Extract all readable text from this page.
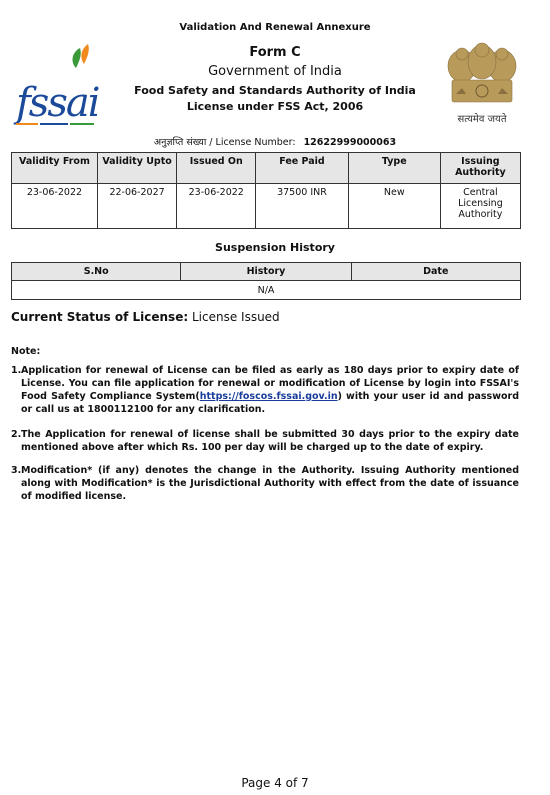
Validation And Renewal Annexure
fssai
Form C
Government of India
Food Safety and Standards Authority of India
License under FSS Act, 2006
सत्यमेव जयते
अनुज्ञप्ति संख्या / License Number: 12622999000063
Validity From	Validity Upto	Issued On	Fee Paid	Type	Issuing Authority
23-06-2022	22-06-2027	23-06-2022	37500 INR	New	Central Licensing Authority
Suspension History
S.No	History	Date
N/A
Current Status of License: License Issued
Note:
1.Application for renewal of License can be filed as early as 180 days prior to expiry date of License. You can file application for renewal or modification of License by login into FSSAI's Food Safety Compliance System(https://foscos.fssai.gov.in) with your user id and password or call us at 1800112100 for any clarification.
2.The Application for renewal of license shall be submitted 30 days prior to the expiry date mentioned above after which Rs. 100 per day will be charged up to the date of expiry.
3.Modification* (if any) denotes the change in the Authority. Issuing Authority mentioned along with Modification* is the Jurisdictional Authority with effect from the date of issuance of modified license.
Page 4 of 7
